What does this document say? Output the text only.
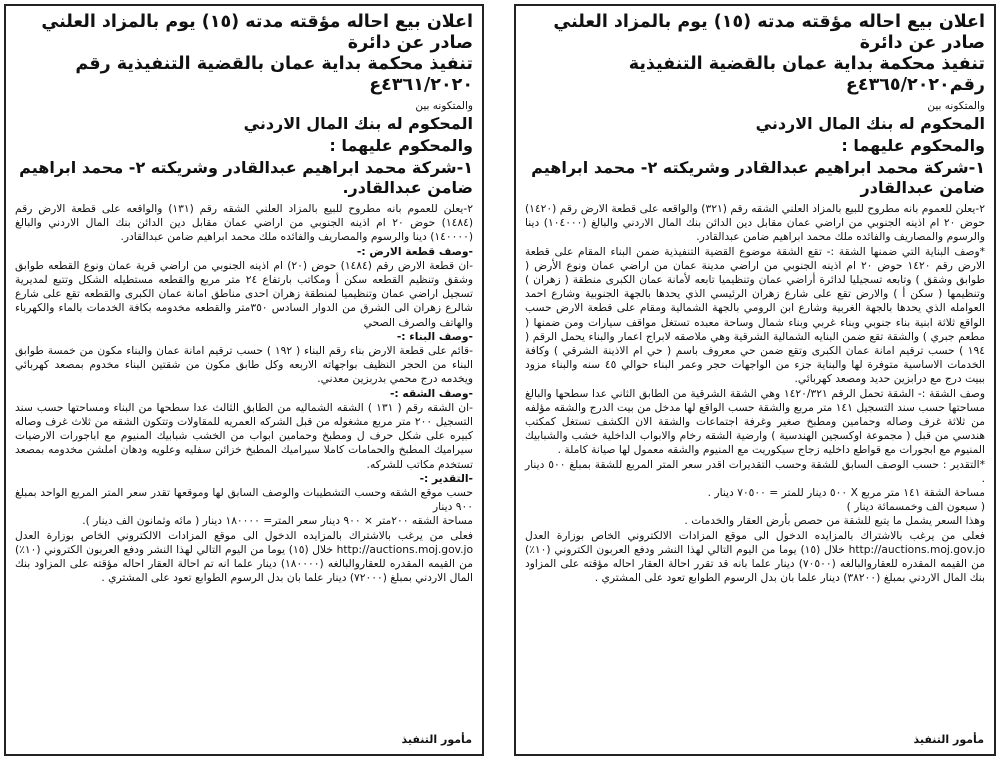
اعلان بيع احاله مؤقته مدته (١٥) يوم بالمزاد العلني صادر عن دائرة
تنفيذ محكمة بداية عمان بالقضية التنفيذية رقم٤٣٦٥/٢٠٢٠ع

والمتكونه بين

المحكوم له بنك المال الاردني

والمحكوم عليهما :

١-شركة محمد ابراهيم عبدالقادر وشريكته ٢- محمد ابراهيم ضامن عبدالقادر

٢-يعلن للعموم بانه مطروح للبيع بالمزاد العلني الشقه رقم (٣٢١) والواقعه على قطعة الارض رقم (١٤٢٠) حوض ٢٠ ام اذينه الجنوبي من اراضي عمان مقابل دين الدائن بنك المال الاردني والبالغ (١٠٤٠٠٠) دينا والرسوم والمصاريف والفائده ملك محمد ابراهيم ضامن عبدالقادر.
*وصف البناية التي ضمنها الشقة :- تقع الشقة موضوع القضية التنفيذية ضمن البناء المقام على قطعة الارض رقم ١٤٢٠ حوض ٢٠ ام اذينه الجنوبي من اراضي مدينة عمان من اراضي عمان ونوع الأرض ( طوابق وشقق ) وتابعه تسجيليا لدائرة أراضي عمان وتنظيميا تابعه لأمانة عمان الكبرى منطقة ( زهران ) وتنظيمها ( سكن أ ) والارض تقع على شارع زهران الرئيسي الذي يحدها بالجهة الجنوبية وشارع احمد العوامله الذي يحدها بالجهة الغربية وشارع ابن الرومي بالجهة الشمالية ومقام على قطعة الارض حسب الواقع ثلاثة ابنية بناء جنوبي وبناء غربي وبناء شمال وساحة معبده تستغل مواقف سيارات ومن ضمنها ( مطعم جبري ) والشقة تقع ضمن البنايه الشمالية الشرقية وهي ملاصقه لابراج اعمار والبناء يحمل الرقم ( ١٩٤ ) حسب ترقيم امانة عمان الكبرى وتقع ضمن حي معروف باسم ( حي ام الاذينة الشرقي ) وكافة الخدمات الاساسية متوفرة لها والبناية جزء من الواجهات حجر وعمر البناء حوالي ٤٥ سنه والبناء مزود ببيت درج مع درابزين حديد ومصعد كهربائي.
وصف الشقة :- الشقة تحمل الرقم ١٤٢٠/٣٢١ وهي الشقة الشرقية من الطابق الثاني عدا سطحها والبالغ مساحتها حسب سند التسجيل ١٤١ متر مربع والشقة حسب الواقع لها مدخل من بيت الدرج والشقه مؤلفه من ثلاثة غرف وصاله وحمامين ومطبخ صغير وغرفة اجتماعات والشقة الان الكشف تستغل كمكتب هندسي من قبل ( مجموعة اوكسجين الهندسية ) وارضية الشقه رخام والابواب الداخلية خشب والشبابيك المنيوم مع ابجورات مع قواطع داخليه زجاج سيكوريت مع المنيوم والشقه معمول لها صيانة كاملة .
*التقدير : حسب الوصف السابق للشقة وحسب التقديرات اقدر سعر المتر المربع للشقة بمبلغ ٥٠٠ دينار .
مساحة الشقة ١٤١ متر مربع X ٥٠٠ دينار للمتر = ٧٠٥٠٠ دينار .
( سبعون الف وخمسمائة دينار )
وهذا السعر يشمل ما يتبع للشقة من حصص بأرض العقار والخدمات .
فعلى من يرغب بالاشتراك بالمزايده الدخول الى موقع المزادات الالكتروني الخاص بوزارة العدل http://auctions.moj.gov.jo خلال (١٥) يوما من اليوم التالي لهذا النشر ودفع العربون الكتروني (١٠٪) من القيمه المقدره للعقاروالبالغه (٧٠٥٠٠) دينار علما بانه قد تقرر احالة العقار احاله مؤقته على المزاود بنك المال الاردني بمبلغ (٣٨٢٠٠) دينار علما بان بدل الرسوم الطوابع تعود على المشتري .

مأمور التنفيذ

اعلان بيع احاله مؤقته مدته (١٥) يوم بالمزاد العلني صادر عن دائرة
تنفيذ محكمة بداية عمان بالقضية التنفيذية رقم ٤٣٦١/٢٠٢٠ع

والمتكونه بين

المحكوم له بنك المال الاردني

والمحكوم عليهما :

١-شركة محمد ابراهيم عبدالقادر وشريكته ٢- محمد ابراهيم ضامن عبدالقادر.

٢-يعلن للعموم بانه مطروح للبيع بالمزاد العلني الشقه رقم (١٣١) والواقعه على قطعة الارض رقم (١٤٨٤) حوض ٢٠ ام اذينه الجنوبي من اراضي عمان مقابل دين الدائن بنك المال الاردني والبالغ (١٤٠٠٠٠) دينا والرسوم والمصاريف والفائده ملك محمد ابراهيم ضامن عبدالقادر.

-وصف قطعة الارض :-

-ان قطعة الارض رقم (١٤٨٤) حوض (٢٠) ام اذينه الجنوبي من اراضي قرية عمان ونوع القطعه طوابق وشقق وتنظيم القطعه سكن أ ومكاتب بارتفاع ٢٤ متر مربع والقطعه مستطيله الشكل وتتبع لمديرية تسجيل اراضي عمان وتنظيميا لمنطقة زهران احدى مناطق امانة عمان الكبرى والقطعه تقع على شارع شالرع زهران الى الشرق من الدوار السادس ٣٥٠متر والقطعه مخدومه بكافة الخدمات بالماء والكهرباء والهاتف والصرف الصحي

-وصف البناء :-

-قائم على قطعة الارض بناء رقم البناء ( ١٩٢ ) حسب ترقيم امانة عمان والبناء مكون من خمسة طوابق البناء من الحجر النظيف بواجهاته الاربعه وكل طابق مكون من شقتين البناء مخدوم بمصعد كهربائي ويخدمه درج محمي بدربزين معدني.

-وصف الشقه :-

-ان الشقه رقم ( ١٣١ ) الشقه الشماليه من الطابق الثالث عدا سطحها من البناء ومساحتها حسب سند التسجيل ٢٠٠ متر مربع مشغوله من قبل الشركه العمريه للمقاولات وتتكون الشقه من ثلاث غرف وصاله كبيره على شكل حرف ل ومطبخ وحمامين ابواب من الخشب شبابيك المنيوم مع اباجورات الارضيات سيراميك المطبخ والحمامات كاملا سيراميك المطبخ خزائن سفليه وعلويه ودهان املشن مخدومه بمصعد تستخدم مكاتب للشركه.

-التقدير :-

حسب موقع الشقه وحسب التشطيبات والوصف السابق لها وموقعها تقدر سعر المتر المربع الواحد بمبلغ ٩٠٠ دينار
مساحة الشقه ٢٠٠متر × ٩٠٠ دينار سعر المتر= ١٨٠٠٠٠ دينار ( مائه وثمانون الف دينار ).
فعلى من يرغب بالاشتراك بالمزايده الدخول الى موقع المزادات الالكتروني الخاص بوزارة العدل http://auctions.moj.gov.jo خلال (١٥) يوما من اليوم التالي لهذا النشر ودفع العربون الكتروني (١٠٪) من القيمه المقدره للعقاروالبالغه (١٨٠٠٠٠) دينار علما انه تم احالة العقار احاله مؤقته على المزاود بنك المال الاردني بمبلغ (٧٢٠٠٠) دينار علما بان بدل الرسوم الطوابع تعود على المشتري .

مأمور التنفيذ
